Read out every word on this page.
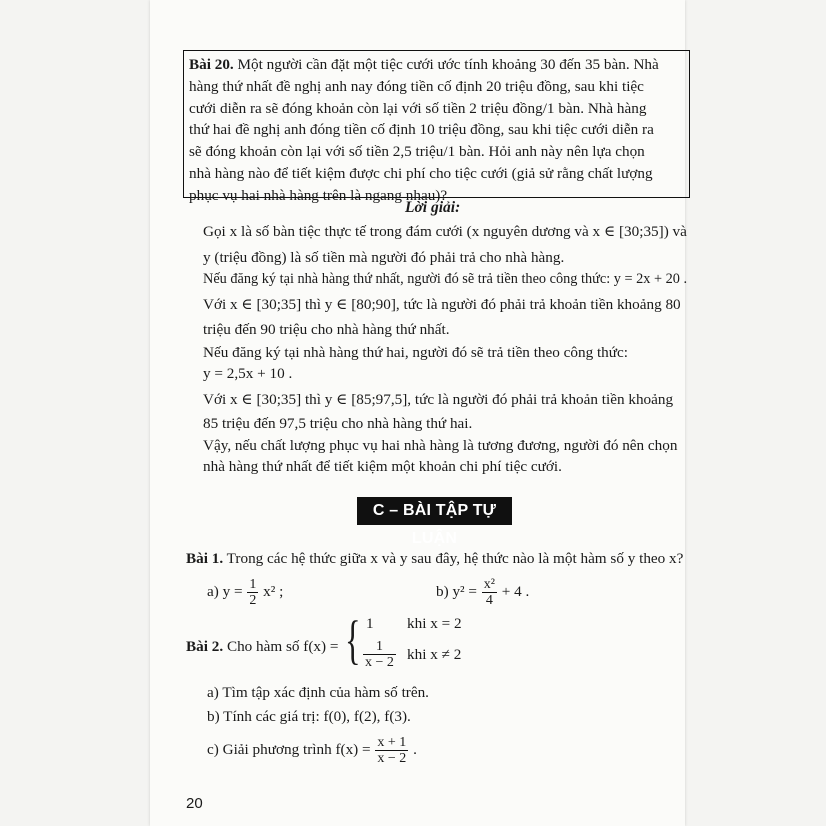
Bài 20. Một người cần đặt một tiệc cưới ước tính khoảng 30 đến 35 bàn. Nhà
hàng thứ nhất đề nghị anh nay đóng tiền cố định 20 triệu đồng, sau khi tiệc
cưới diễn ra sẽ đóng khoản còn lại với số tiền 2 triệu đồng/1 bàn. Nhà hàng
thứ hai đề nghị anh đóng tiền cố định 10 triệu đồng, sau khi tiệc cưới diễn ra
sẽ đóng khoản còn lại với số tiền 2,5 triệu/1 bàn. Hỏi anh này nên lựa chọn
nhà hàng nào để tiết kiệm được chi phí cho tiệc cưới (giả sử rằng chất lượng
phục vụ hai nhà hàng trên là ngang nhau)?
Lời giải:
Gọi x là số bàn tiệc thực tế trong đám cưới (x nguyên dương và x ∈ [30;35]) và
y (triệu đồng) là số tiền mà người đó phải trả cho nhà hàng.
Nếu đăng ký tại nhà hàng thứ nhất, người đó sẽ trả tiền theo công thức: y = 2x + 20 .
Với x ∈ [30;35] thì y ∈ [80;90], tức là người đó phải trả khoản tiền khoảng 80
triệu đến 90 triệu cho nhà hàng thứ nhất.
Nếu đăng ký tại nhà hàng thứ hai, người đó sẽ trả tiền theo công thức:
y = 2,5x + 10 .
Với x ∈ [30;35] thì y ∈ [85;97,5], tức là người đó phải trả khoản tiền khoảng
85 triệu đến 97,5 triệu cho nhà hàng thứ hai.
Vậy, nếu chất lượng phục vụ hai nhà hàng là tương đương, người đó nên chọn
nhà hàng thứ nhất để tiết kiệm một khoản chi phí tiệc cưới.
C – BÀI TẬP TỰ LUẬN
Bài 1. Trong các hệ thức giữa x và y sau đây, hệ thức nào là một hàm số y theo x?
a) $y = \frac{1}{2} x^2$ ;	b) $y^2 = \frac{\text{x²}}{4} + 4$ .
Bài 2. Cho hàm số f(x) = { 1 khi x = 2
$\frac{1}{x - 2}$ khi x ≠ 2
a) Tìm tập xác định của hàm số trên.
b) Tính các giá trị: f(0), f(2), f(3).
c) Giải phương trình $f(x) = \frac{x + 1}{x - 2}$ .
20
